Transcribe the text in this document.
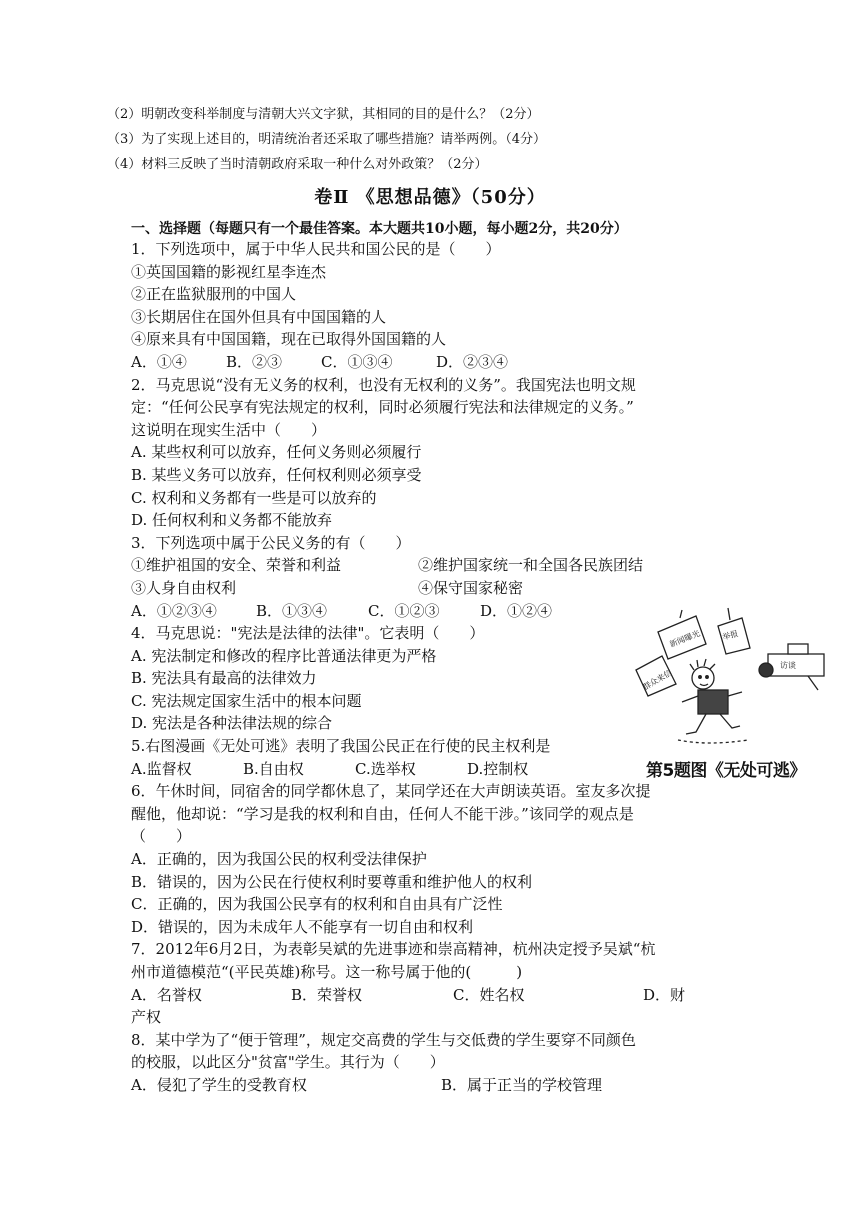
（2）明朝改变科举制度与清朝大兴文字狱，其相同的目的是什么？（2分）
（3）为了实现上述目的，明清统治者还采取了哪些措施？请举两例。（4分）
（4）材料三反映了当时清朝政府采取一种什么对外政策？（2分）
卷Ⅱ 《思想品德》（50分）
一、选择题（每题只有一个最佳答案。本大题共10小题，每小题2分，共20分）
1．下列选项中，属于中华人民共和国公民的是（　　）
①英国国籍的影视红星李连杰
②正在监狱服刑的中国人
③长期居住在国外但具有中国国籍的人
④原来具有中国国籍，现在已取得外国国籍的人
A．①④	B．②③	C．①③④	D．②③④
2．马克思说“没有无义务的权利，也没有无权利的义务”。我国宪法也明文规
定：“任何公民享有宪法规定的权利，同时必须履行宪法和法律规定的义务。”
这说明在现实生活中（　　）
A. 某些权利可以放弃，任何义务则必须履行
B. 某些义务可以放弃，任何权利则必须享受
C. 权利和义务都有一些是可以放弃的
D. 任何权利和义务都不能放弃
3．下列选项中属于公民义务的有（　　）
①维护祖国的安全、荣誉和利益	②维护国家统一和全国各民族团结
③人身自由权利	④保守国家秘密
A．①②③④	B．①③④	C．①②③	D．①②④
4．马克思说："宪法是法律的法律"。它表明（　　）
A. 宪法制定和修改的程序比普通法律更为严格
B. 宪法具有最高的法律效力
C. 宪法规定国家生活中的根本问题
D. 宪法是各种法律法规的综合
5.右图漫画《无处可逃》表明了我国公民正在行使的民主权利是
A.监督权	B.自由权	C.选举权	D.控制权
6．午休时间，同宿舍的同学都休息了，某同学还在大声朗读英语。室友多次提
醒他，他却说：“学习是我的权利和自由，任何人不能干涉。”该同学的观点是
（　　）
A．正确的，因为我国公民的权利受法律保护
B．错误的，因为公民在行使权利时要尊重和维护他人的权利
C．正确的，因为我国公民享有的权利和自由具有广泛性
D．错误的，因为未成年人不能享有一切自由和权利
7．2012年6月2日，为表彰吴斌的先进事迹和崇高精神，杭州决定授予吴斌“杭
州市道德模范“(平民英雄)称号。这一称号属于他的(　　　)
A．名誉权	B．荣誉权	C．姓名权	D．财
产权
8．某中学为了“便于管理”，规定交高费的学生与交低费的学生要穿不同颜色
的校服，以此区分"贫富"学生。其行为（　　）
A．侵犯了学生的受教育权	B．属于正当的学校管理
新闻曝光	举报
群众来信
访谈
第5题图《无处可逃》
